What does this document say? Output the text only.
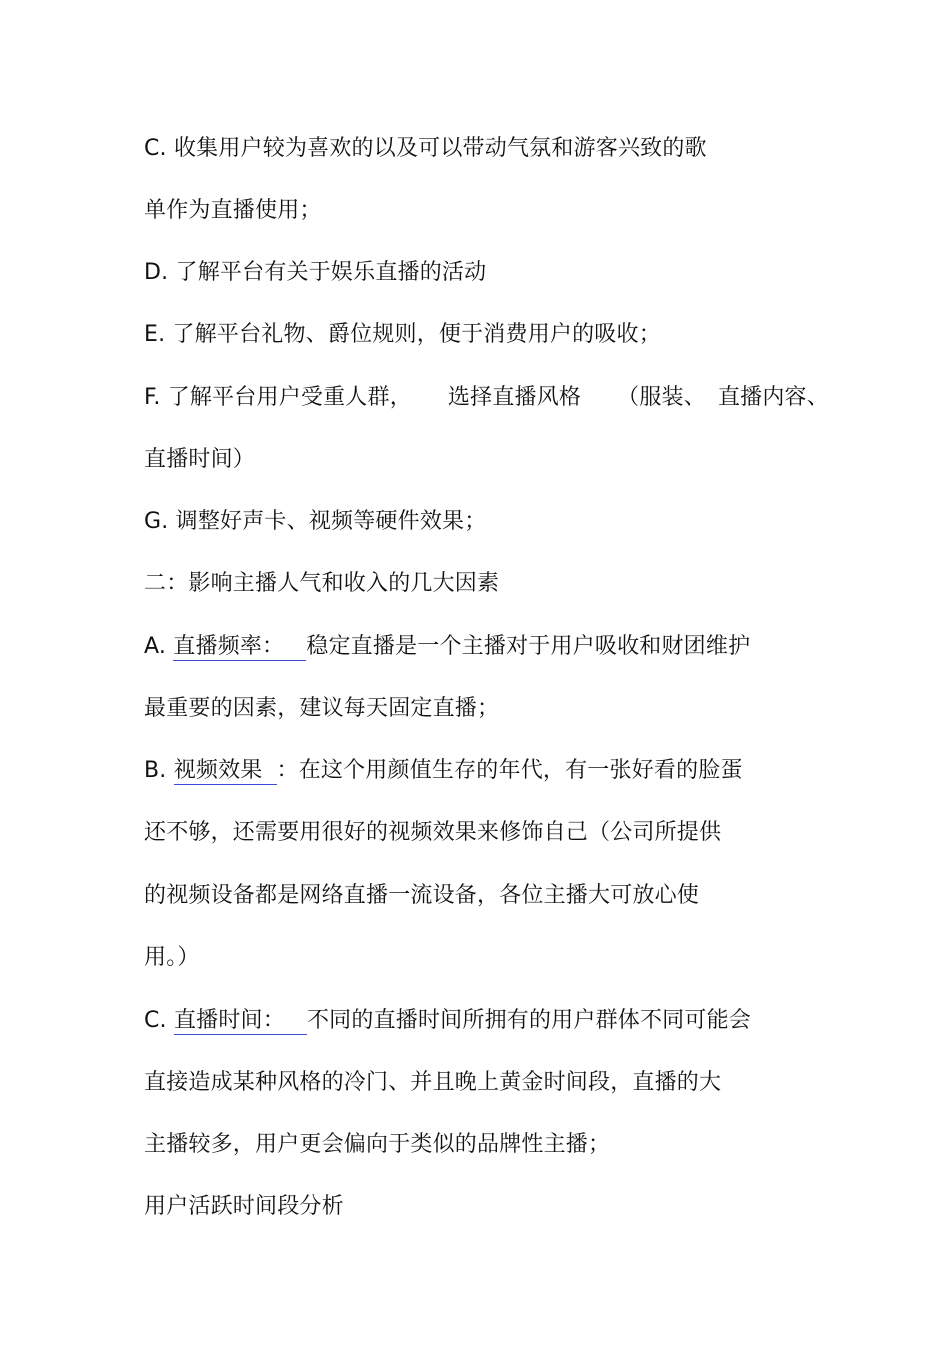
C. 收集用户较为喜欢的以及可以带动气氛和游客兴致的歌
单作为直播使用；
D. 了解平台有关于娱乐直播的活动
E. 了解平台礼物、爵位规则，便于消费用户的吸收；
F. 了解平台用户受重人群， 选择直播风格 （服装、 直播内容、
直播时间）
G. 调整好声卡、视频等硬件效果；
二：影响主播人气和收入的几大因素
A. 直播频率： 稳定直播是一个主播对于用户吸收和财团维护
最重要的因素，建议每天固定直播；
B. 视频效果 ：在这个用颜值生存的年代，有一张好看的脸蛋
还不够，还需要用很好的视频效果来修饰自己（公司所提供
的视频设备都是网络直播一流设备，各位主播大可放心使
用。）
C. 直播时间： 不同的直播时间所拥有的用户群体不同可能会
直接造成某种风格的冷门、并且晚上黄金时间段，直播的大
主播较多，用户更会偏向于类似的品牌性主播；
用户活跃时间段分析
